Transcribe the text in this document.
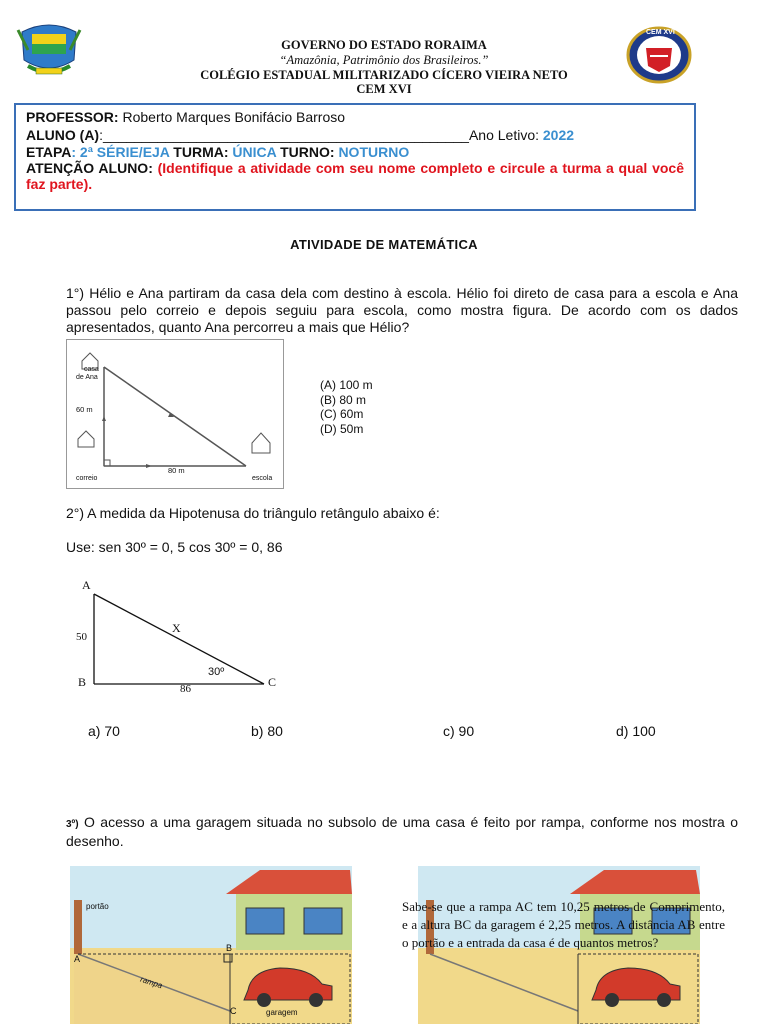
CEM XVI
GOVERNO DO ESTADO RORAIMA
“Amazônia, Patrimônio dos Brasileiros.”
COLÉGIO ESTADUAL MILITARIZADO CÍCERO VIEIRA NETO
CEM XVI
PROFESSOR: Roberto Marques Bonifácio Barroso
ALUNO (A):_______________________________________________Ano Letivo: 2022
ETAPA: 2ª SÉRIE/EJA TURMA: ÚNICA TURNO: NOTURNO
ATENÇÃO ALUNO: (Identifique a atividade com seu nome completo e circule a turma a qual você faz parte).
ATIVIDADE DE MATEMÁTICA
1°) Hélio e Ana partiram da casa dela com destino à escola. Hélio foi direto de casa para a escola e Ana passou pelo correio e depois seguiu para escola, como mostra figura. De acordo com os dados apresentados, quanto Ana percorreu a mais que Hélio?
casa
de Ana
60 m
80 m
correio	escola
(A) 100 m
(B) 80 m
(C) 60m
(D) 50m
2°) A medida da Hipotenusa do triângulo retângulo abaixo é:
Use: sen 30º = 0, 5 cos 30º = 0, 86
A
B	C
X
50
86
30º
a) 70	b) 80	c) 90	d) 100
3º) O acesso a uma garagem situada no subsolo de uma casa é feito por rampa, conforme nos mostra o desenho.
portão
A
B
C
rampa
garagem
Sabe-se que a rampa AC tem 10,25 metros de Comprimento, e a altura BC da garagem é 2,25 metros. A distância AB entre o portão e a entrada da casa é de quantos metros?
